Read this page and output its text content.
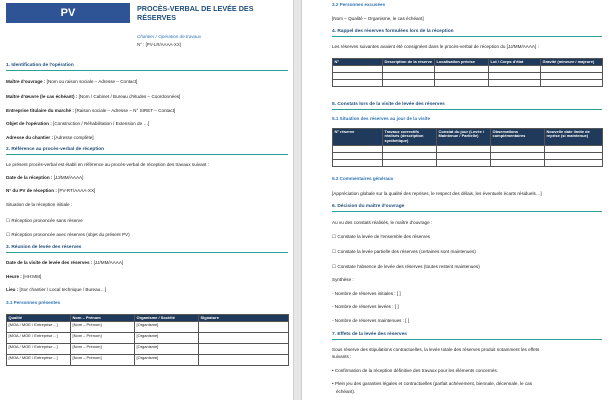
PV	PROCÈS-VERBAL DE LEVÉE DES RÉSERVES
Chantier / Opération de travaux
N° : [PV-LR/AAAA-XX]
1. Identification de l'opération
Maître d'ouvrage : [Nom ou raison sociale – Adresse – Contact]
Maître d'œuvre (le cas échéant) : [Nom / Cabinet / Bureau d'études – Coordonnées]
Entreprise titulaire du marché : [Raison sociale – Adresse – N° SIRET – Contact]
Objet de l'opération : [Construction / Réhabilitation / Extension de …]
Adresse du chantier : [Adresse complète]
2. Référence au procès-verbal de réception
Le présent procès-verbal est établi en référence au procès-verbal de réception des travaux suivant :
Date de la réception : [JJ/MM/AAAA]
N° du PV de réception : [PV-RT/AAAA-XX]
Situation de la réception initiale :
☐ Réception prononcée sans réserve
☐ Réception prononcée avec réserves (objet du présent PV)
3. Réunion de levée des réserves
Date de la visite de levée des réserves : [JJ/MM/AAAA]
Heure : [HH:MM]
Lieu : [Sur chantier / Local technique / Bureau…]
3.1 Personnes présentes
Qualité	Nom – Prénom	Organisme / Société	Signature
[MOA / MOE / Entreprise…]	[Nom – Prénom]	[Organisme]	
[MOA / MOE / Entreprise…]	[Nom – Prénom]	[Organisme]	
[MOA / MOE / Entreprise…]	[Nom – Prénom]	[Organisme]	
[MOA / MOE / Entreprise…]	[Nom – Prénom]	[Organisme]	
3.2 Personnes excusées
[Nom – Qualité – Organisme, le cas échéant]
4. Rappel des réserves formulées lors de la réception
Les réserves suivantes avaient été consignées dans le procès-verbal de réception du [JJ/MM/AAAA] :
N°	Description de la réserve	Localisation précise	Lot / Corps d'état	Gravité (mineure / majeure)

5. Constats lors de la visite de levée des réserves
5.1 Situation des réserves au jour de la visite
N° réserve	Travaux correctifs réalisés (description synthétique)	Constat du jour (Levée / Maintenue / Partielle)	Observations complémentaires	Nouvelle date limite de reprise (si maintenue)

5.2 Commentaires généraux
[Appréciation globale sur la qualité des reprises, le respect des délais, les éventuels écarts résiduels…]
6. Décision du maître d'ouvrage
Au vu des constats réalisés, le maître d'ouvrage :
☐ Constate la levée de l'ensemble des réserves
☐ Constate la levée partielle des réserves (certaines sont maintenues)
☐ Constate l'absence de levée des réserves (toutes restent maintenues)
Synthèse :
- Nombre de réserves initiales : [ ]
- Nombre de réserves levées : [ ]
- Nombre de réserves maintenues : [ ]
7. Effets de la levée des réserves
Sous réserve des stipulations contractuelles, la levée totale des réserves produit notamment les effets
suivants :
• Confirmation de la réception définitive des travaux pour les éléments concernés.
• Plein jeu des garanties légales et contractuelles (parfait achèvement, biennale, décennale, le cas
échéant).
